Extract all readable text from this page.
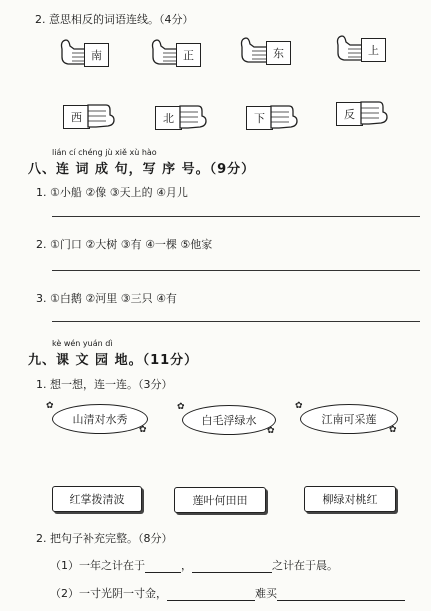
2. 意思相反的词语连线。（4分）
南	正	东	上
西	北	下	反
lián cí chéng jù xiě xù hào
八、连 词 成 句，写 序 号。（9分）
1. ①小船 ②像 ③天上的 ④月儿
2. ①门口 ②大树 ③有 ④一棵 ⑤他家
3. ①白鹅 ②河里 ③三只 ④有
kè wén yuán dì
九、课 文 园 地。（11分）
1. 想一想，连一连。（3分）
山清对水秀
✿
✿
白毛浮绿水
✿
✿
江南可采莲
✿
✿
红掌拨清波	莲叶何田田	柳绿对桃红
2. 把句子补充完整。（8分）
（1）一年之计在于	，	之计在于晨。
（2）一寸光阴一寸金，	难买
